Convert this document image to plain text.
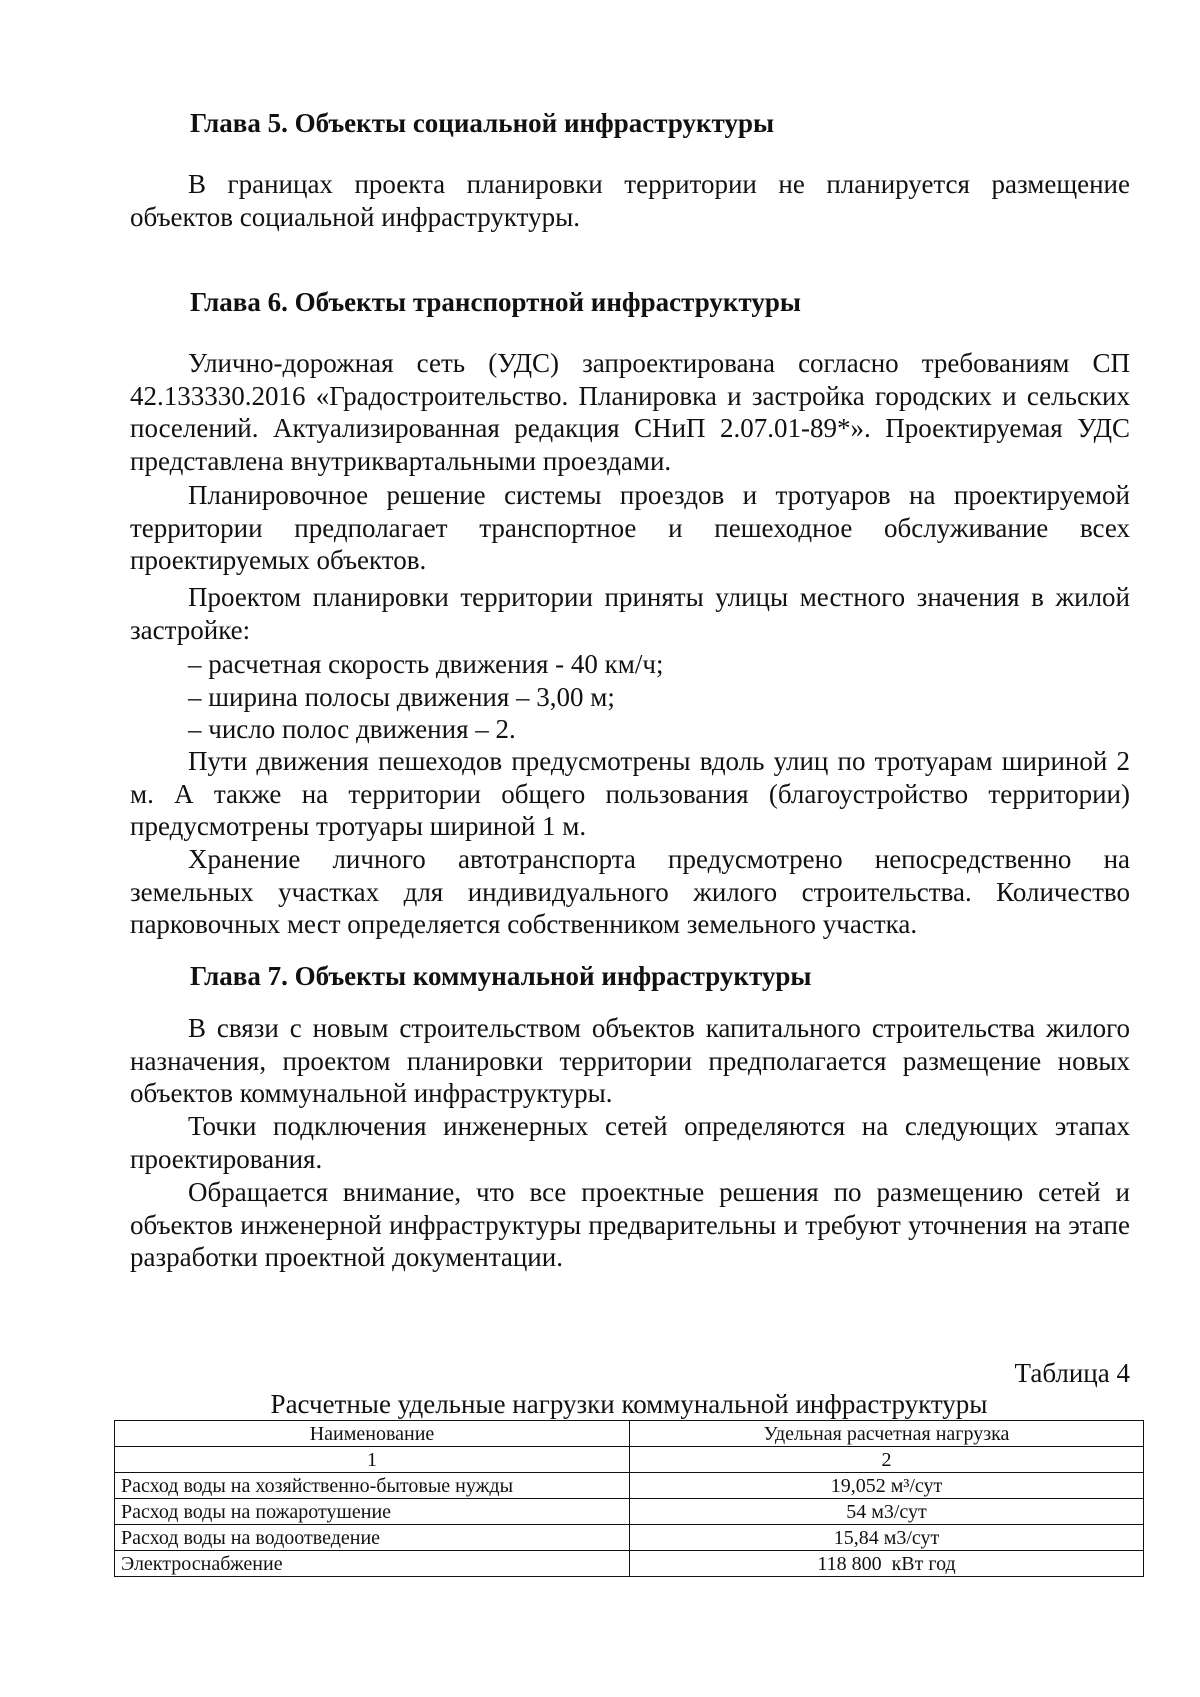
Глава 5. Объекты социальной инфраструктуры

В границах проекта планировки территории не планируется размещение объектов социальной инфраструктуры.

Глава 6. Объекты транспортной инфраструктуры

Улично-дорожная сеть (УДС) запроектирована согласно требованиям СП 42.133330.2016 «Градостроительство. Планировка и застройка городских и сельских поселений. Актуализированная редакция СНиП 2.07.01-89*». Проектируемая УДС представлена внутриквартальными проездами.

Планировочное решение системы проездов и тротуаров на проектируемой территории предполагает транспортное и пешеходное обслуживание всех проектируемых объектов.

Проектом планировки территории приняты улицы местного значения в жилой застройке:

– расчетная скорость движения - 40 км/ч;
– ширина полосы движения – 3,00 м;
– число полос движения – 2.

Пути движения пешеходов предусмотрены вдоль улиц по тротуарам шириной 2 м. А также на территории общего пользования (благоустройство территории) предусмотрены тротуары шириной 1 м.

Хранение личного автотранспорта предусмотрено непосредственно на земельных участках для индивидуального жилого строительства. Количество парковочных мест определяется собственником земельного участка.

Глава 7. Объекты коммунальной инфраструктуры

В связи с новым строительством объектов капитального строительства жилого назначения, проектом планировки территории предполагается размещение новых объектов коммунальной инфраструктуры.

Точки подключения инженерных сетей определяются на следующих этапах проектирования.

Обращается внимание, что все проектные решения по размещению сетей и объектов инженерной инфраструктуры предварительны и требуют уточнения на этапе разработки проектной документации.

Таблица 4

Расчетные удельные нагрузки коммунальной инфраструктуры

Наименование	Удельная расчетная нагрузка
1	2
Расход воды на хозяйственно-бытовые нужды	19,052 м³/сут
Расход воды на пожаротушение	54 м3/сут
Расход воды на водоотведение	15,84 м3/сут
Электроснабжение	118 800  кВт год
